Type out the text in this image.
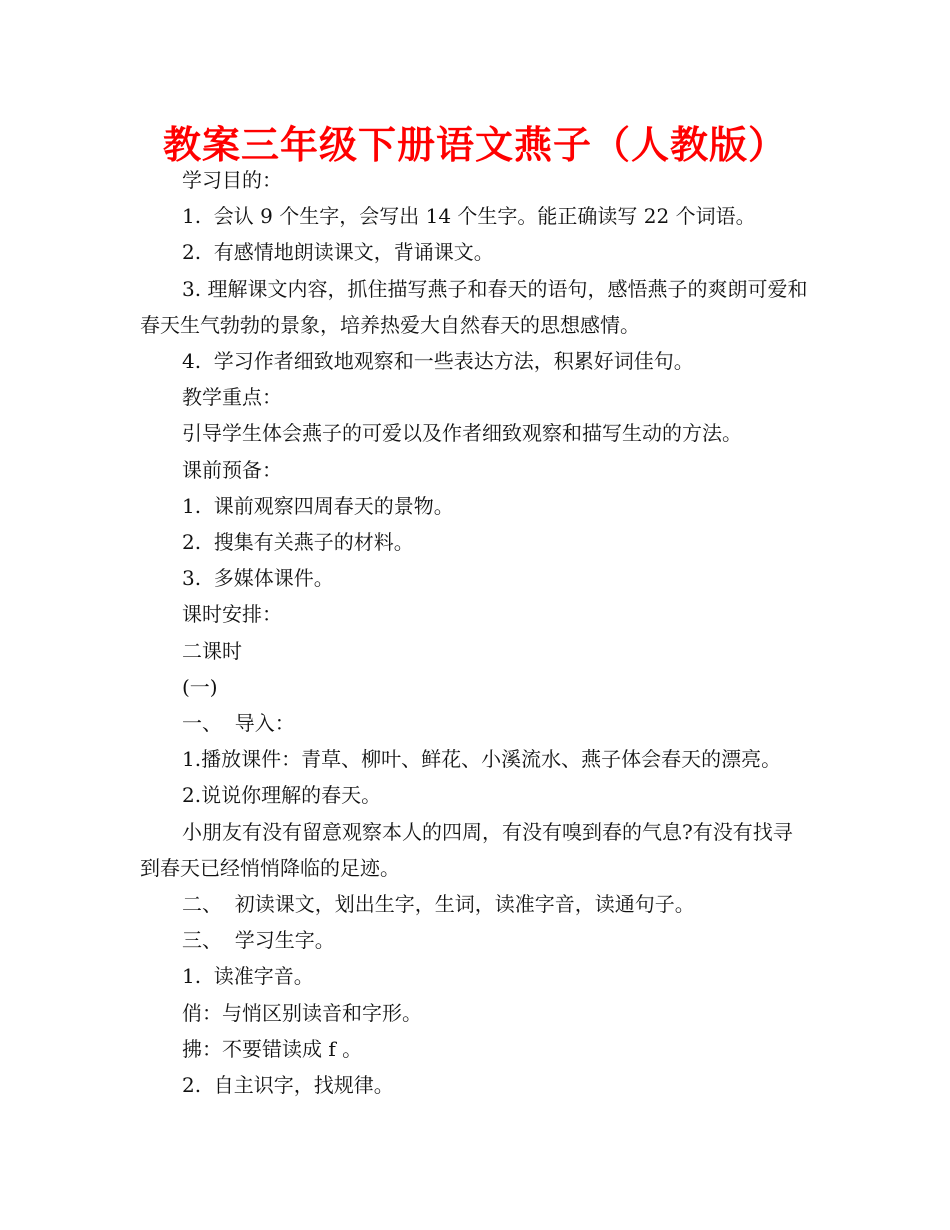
教案三年级下册语文燕子（人教版）

学习目的：

1.  会认 9 个生字，会写出 14 个生字。能正确读写 22 个词语。

2.  有感情地朗读课文，背诵课文。

3. 理解课文内容，抓住描写燕子和春天的语句，感悟燕子的爽朗可爱和春天生气勃勃的景象，培养热爱大自然春天的思想感情。

4.  学习作者细致地观察和一些表达方法，积累好词佳句。

教学重点：

引导学生体会燕子的可爱以及作者细致观察和描写生动的方法。

课前预备：

1.  课前观察四周春天的景物。

2.  搜集有关燕子的材料。

3.  多媒体课件。

课时安排：

二课时

(一)

一、  导入：

1.播放课件：青草、柳叶、鲜花、小溪流水、燕子体会春天的漂亮。

2.说说你理解的春天。

小朋友有没有留意观察本人的四周，有没有嗅到春的气息?有没有找寻到春天已经悄悄降临的足迹。

二、  初读课文，划出生字，生词，读准字音，读通句子。

三、  学习生字。

1.  读准字音。

俏：与悄区别读音和字形。

拂：不要错读成 f 。

2.  自主识字，找规律。
